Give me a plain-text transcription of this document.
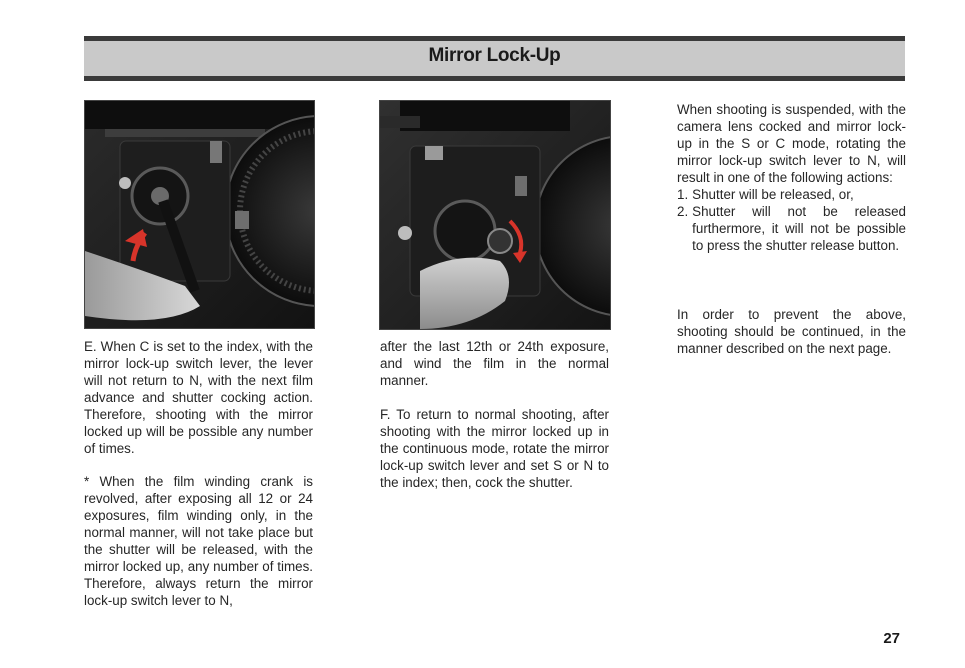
Mirror Lock-Up

E. When C is set to the index, with the mirror lock-up switch lever, the lever will not return to N, with the next film advance and shutter cocking action. Therefore, shooting with the mirror locked up will be possible any number of times.

* When the film winding crank is revolved, after exposing all 12 or 24 exposures, film winding only, in the normal manner, will not take place but the shutter will be released, with the mirror locked up, any number of times. Therefore, always return the mirror lock-up switch lever to N,

after the last 12th or 24th exposure, and wind the film in the normal manner.

F. To return to normal shooting, after shooting with the mirror locked up in the continuous mode, rotate the mirror lock-up switch lever and set S or N to the index; then, cock the shutter.

When shooting is suspended, with the camera lens cocked and mirror lock-up in the S or C mode, rotating the mirror lock-up switch lever to N, will result in one of the following actions:

1. Shutter will be released, or,
2. Shutter will not be released furthermore, it will not be possible to press the shutter release button.

In order to prevent the above, shooting should be continued, in the manner described on the next page.

27
